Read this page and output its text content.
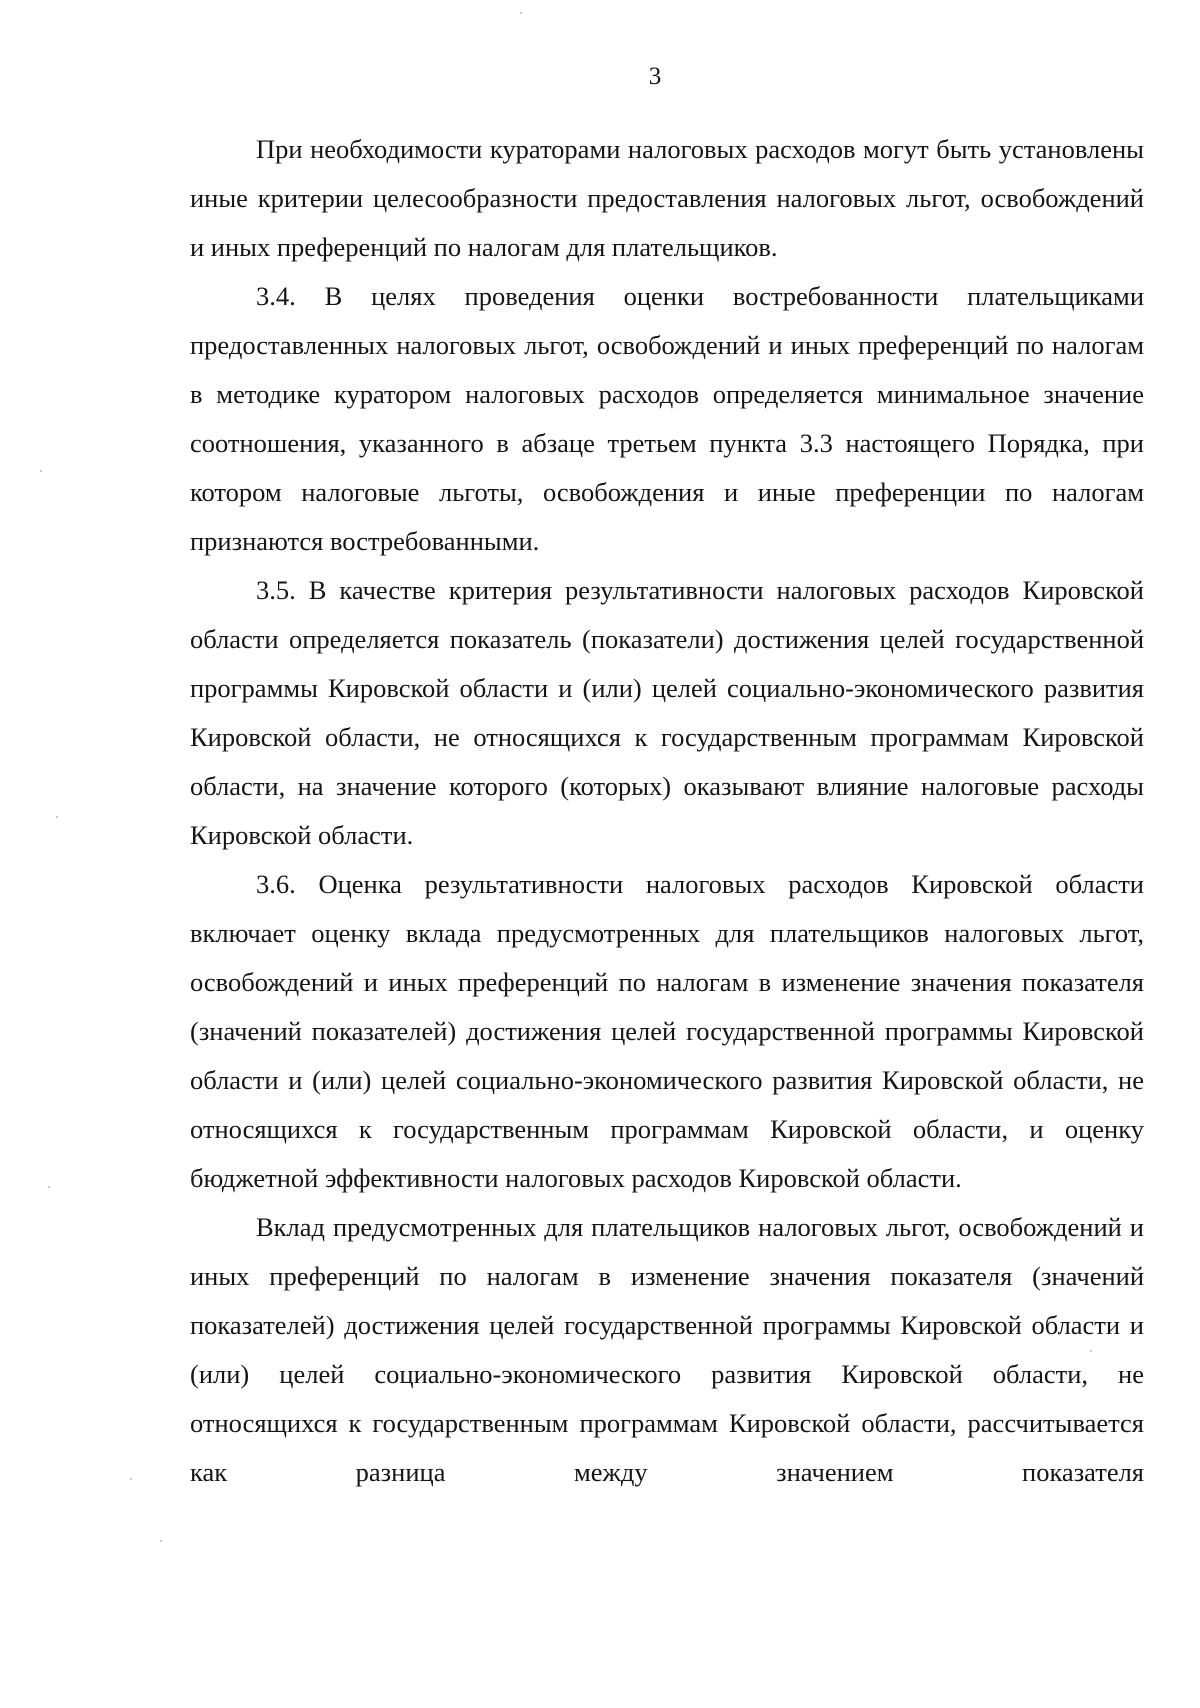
3

При необходимости кураторами налоговых расходов могут быть установлены иные критерии целесообразности предоставления налоговых льгот, освобождений и иных преференций по налогам для плательщиков.

3.4. В целях проведения оценки востребованности плательщиками предоставленных налоговых льгот, освобождений и иных преференций по налогам в методике куратором налоговых расходов определяется минимальное значение соотношения, указанного в абзаце третьем пункта 3.3 настоящего Порядка, при котором налоговые льготы, освобождения и иные преференции по налогам признаются востребованными.

3.5. В качестве критерия результативности налоговых расходов Кировской области определяется показатель (показатели) достижения целей государственной программы Кировской области и (или) целей социально-экономического развития Кировской области, не относящихся к государственным программам Кировской области, на значение которого (которых) оказывают влияние налоговые расходы Кировской области.

3.6. Оценка результативности налоговых расходов Кировской области включает оценку вклада предусмотренных для плательщиков налоговых льгот, освобождений и иных преференций по налогам в изменение значения показателя (значений показателей) достижения целей государственной программы Кировской области и (или) целей социально-экономического развития Кировской области, не относящихся к государственным программам Кировской области, и оценку бюджетной эффективности налоговых расходов Кировской области.

Вклад предусмотренных для плательщиков налоговых льгот, освобождений и иных преференций по налогам в изменение значения показателя (значений показателей) достижения целей государственной программы Кировской области и (или) целей социально-экономического развития Кировской области, не относящихся к государственным программам Кировской области, рассчитывается как разница между значением показателя
